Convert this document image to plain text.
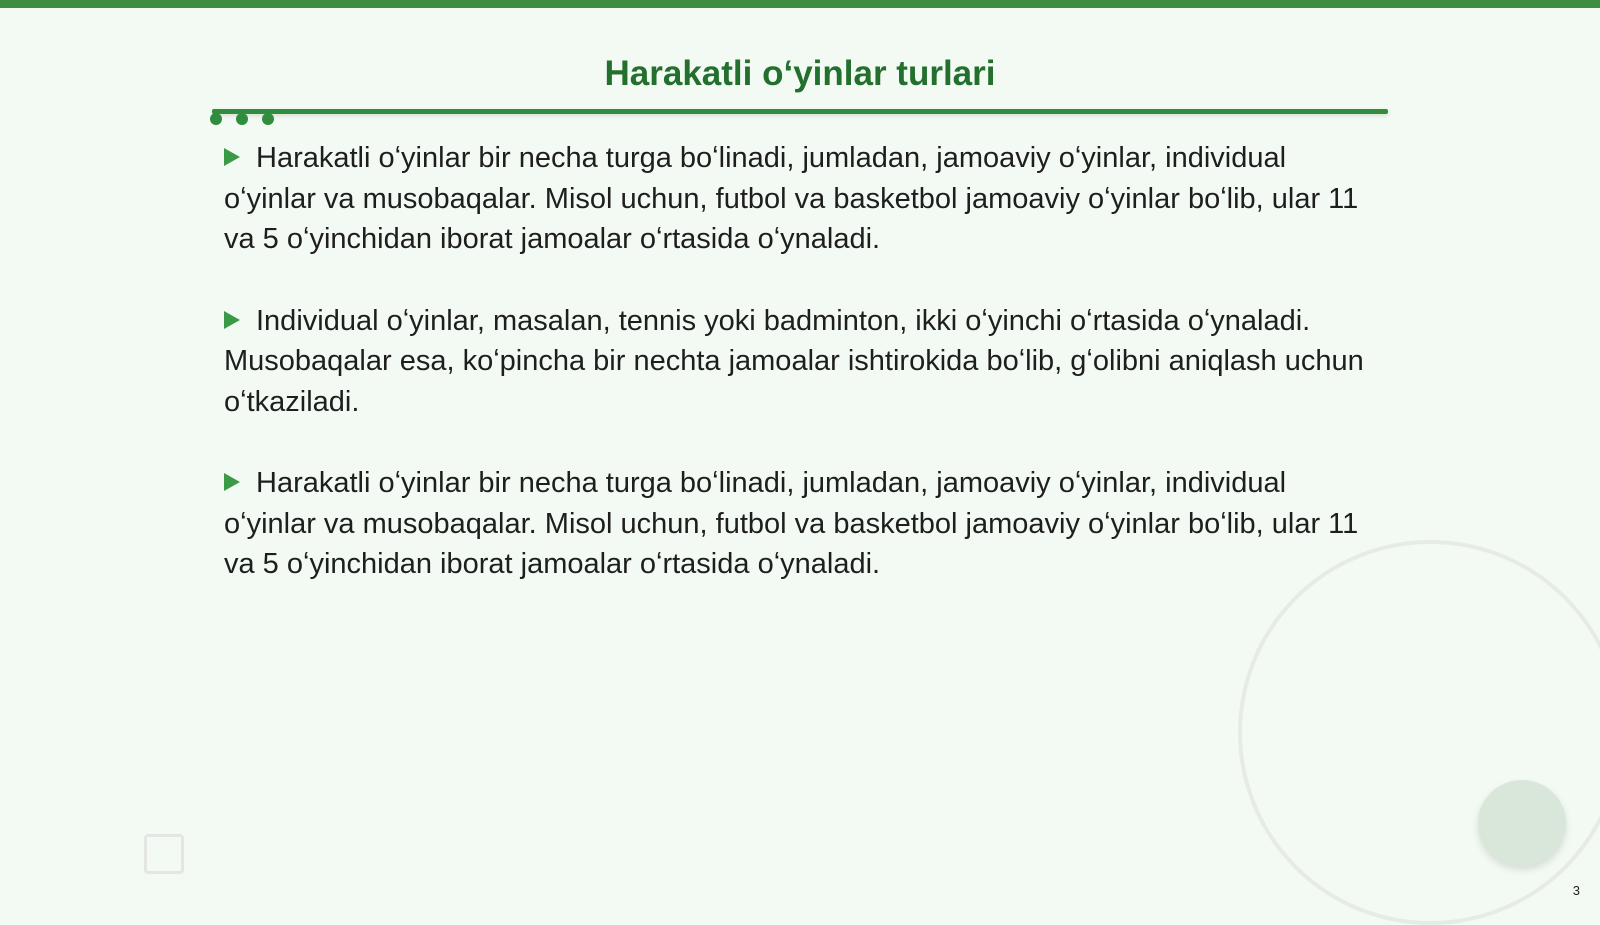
Harakatli oʻyinlar turlari
Harakatli oʻyinlar bir necha turga boʻlinadi, jumladan, jamoaviy oʻyinlar, individual oʻyinlar va musobaqalar. Misol uchun, futbol va basketbol jamoaviy oʻyinlar boʻlib, ular 11 va 5 oʻyinchidan iborat jamoalar oʻrtasida oʻynaladi.
Individual oʻyinlar, masalan, tennis yoki badminton, ikki oʻyinchi oʻrtasida oʻynaladi. Musobaqalar esa, koʻpincha bir nechta jamoalar ishtirokida boʻlib, gʻolibni aniqlash uchun oʻtkaziladi.
Harakatli oʻyinlar bir necha turga boʻlinadi, jumladan, jamoaviy oʻyinlar, individual oʻyinlar va musobaqalar. Misol uchun, futbol va basketbol jamoaviy oʻyinlar boʻlib, ular 11 va 5 oʻyinchidan iborat jamoalar oʻrtasida oʻynaladi.
3
